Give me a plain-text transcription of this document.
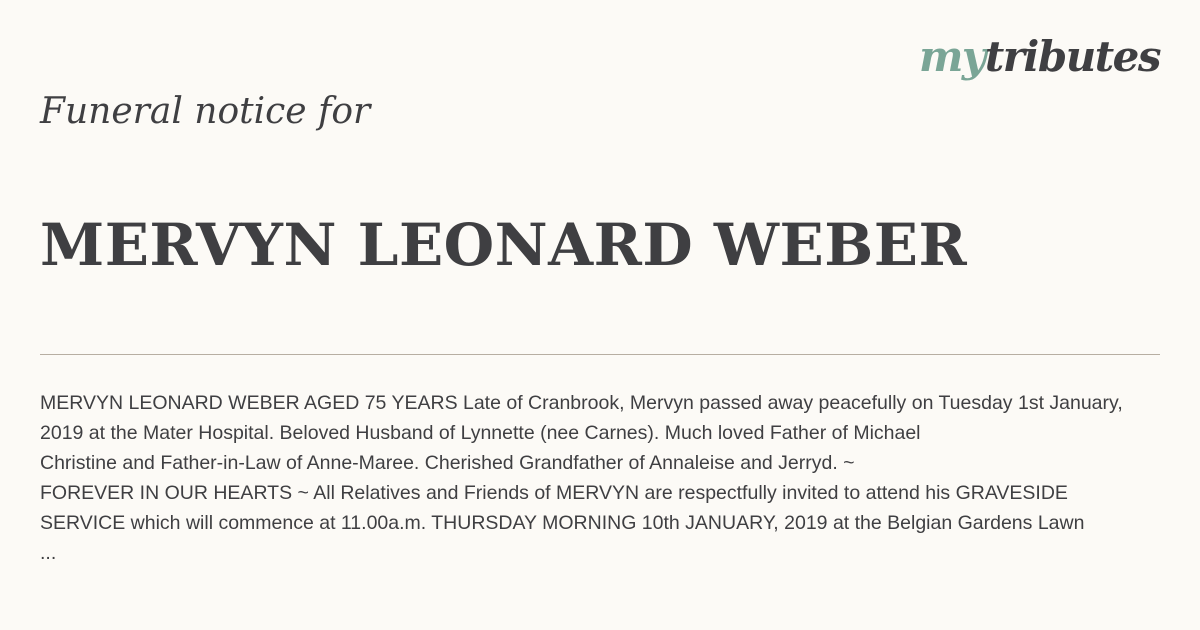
mytributes
Funeral notice for
MERVYN LEONARD WEBER
MERVYN LEONARD WEBER AGED 75 YEARS Late of Cranbrook, Mervyn passed away peacefully on Tuesday 1st January,
2019 at the Mater Hospital. Beloved Husband of Lynnette (nee Carnes). Much loved Father of Michael
Christine and Father-in-Law of Anne-Maree. Cherished Grandfather of Annaleise and Jerryd. ~
FOREVER IN OUR HEARTS ~ All Relatives and Friends of MERVYN are respectfully invited to attend his GRAVESIDE
SERVICE which will commence at 11.00a.m. THURSDAY MORNING 10th JANUARY, 2019 at the Belgian Gardens Lawn
...
